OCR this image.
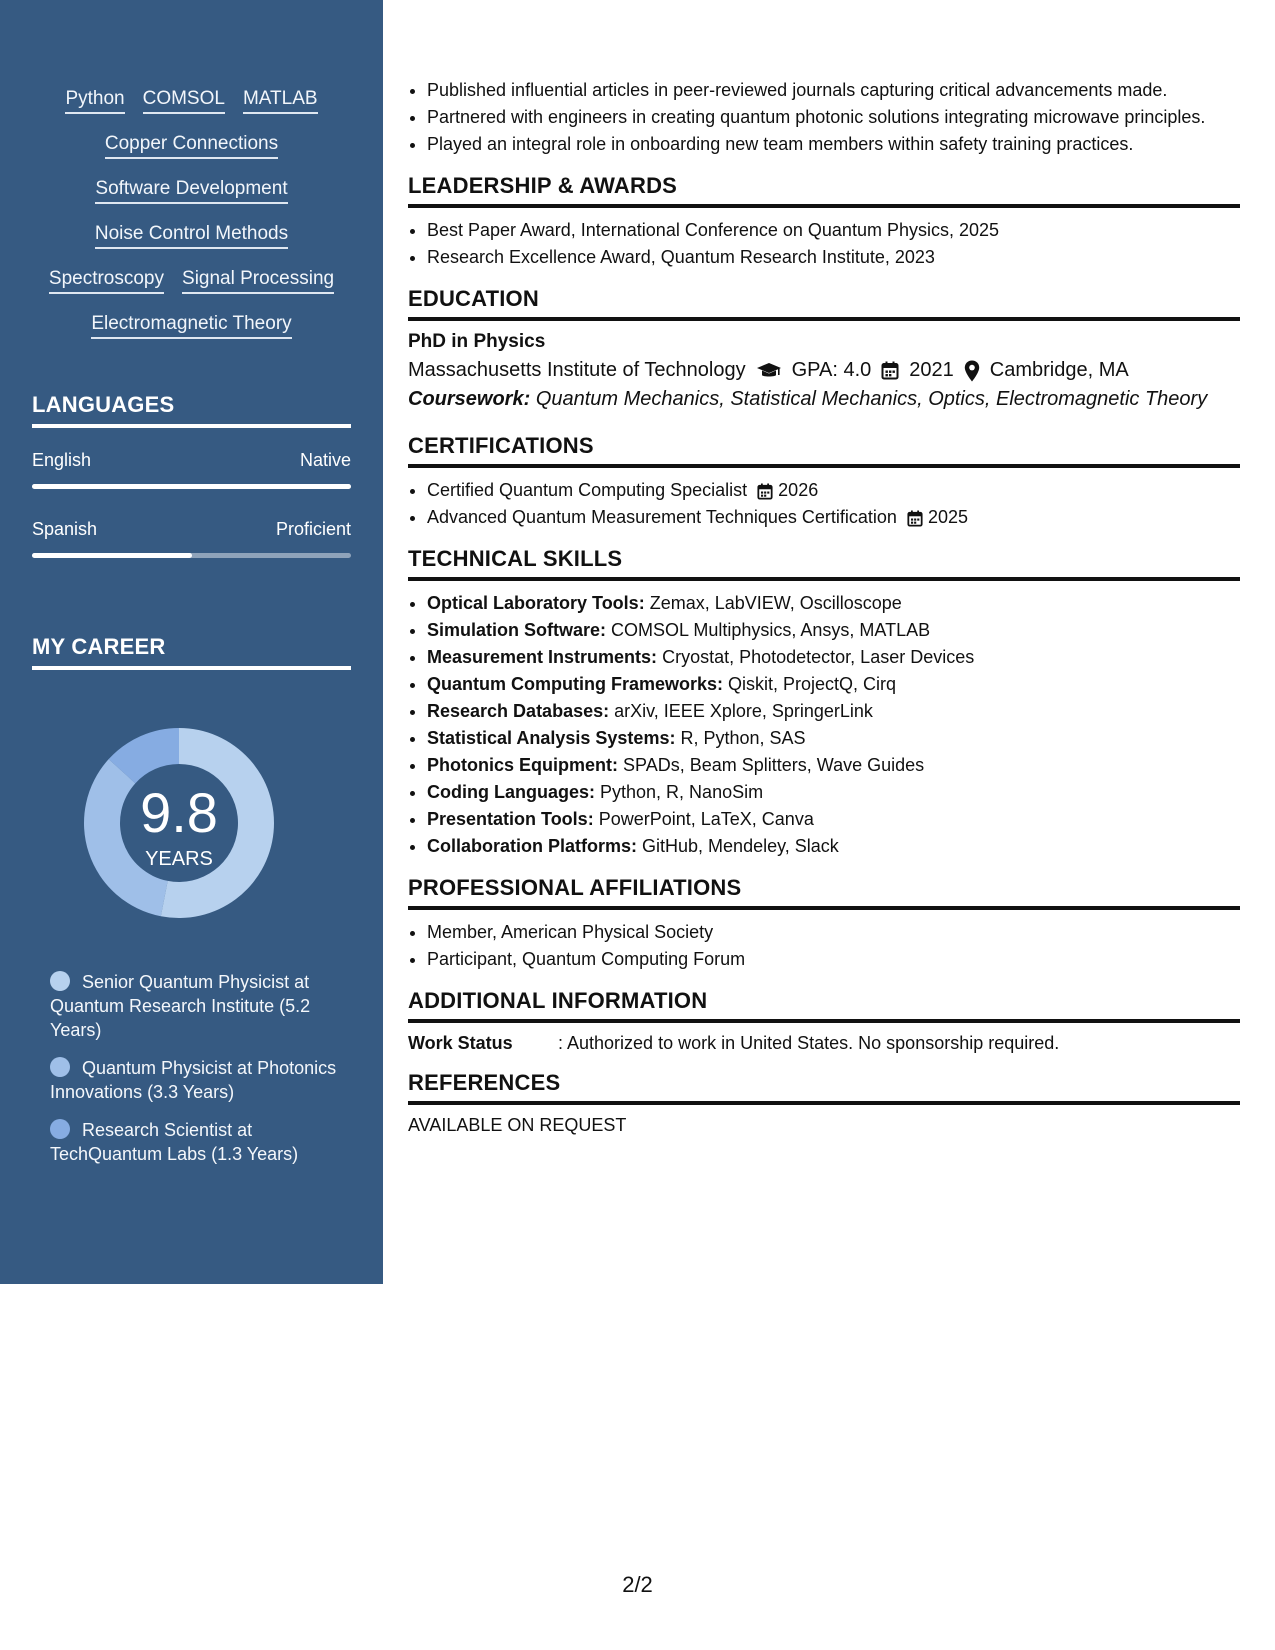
Python COMSOL MATLAB
Copper Connections
Software Development
Noise Control Methods
Spectroscopy Signal Processing
Electromagnetic Theory
LANGUAGES
English	Native
Spanish	Proficient
MY CAREER
9.8
YEARS
Senior Quantum Physicist at Quantum Research Institute (5.2 Years)
Quantum Physicist at Photonics Innovations (3.3 Years)
Research Scientist at TechQuantum Labs (1.3 Years)
• Published influential articles in peer-reviewed journals capturing critical advancements made.
• Partnered with engineers in creating quantum photonic solutions integrating microwave principles.
• Played an integral role in onboarding new team members within safety training practices.
LEADERSHIP & AWARDS
• Best Paper Award, International Conference on Quantum Physics, 2025
• Research Excellence Award, Quantum Research Institute, 2023
EDUCATION
PhD in Physics
Massachusetts Institute of Technology GPA: 4.0 2021 Cambridge, MA
Coursework: Quantum Mechanics, Statistical Mechanics, Optics, Electromagnetic Theory
CERTIFICATIONS
• Certified Quantum Computing Specialist 2026
• Advanced Quantum Measurement Techniques Certification 2025
TECHNICAL SKILLS
• Optical Laboratory Tools: Zemax, LabVIEW, Oscilloscope
• Simulation Software: COMSOL Multiphysics, Ansys, MATLAB
• Measurement Instruments: Cryostat, Photodetector, Laser Devices
• Quantum Computing Frameworks: Qiskit, ProjectQ, Cirq
• Research Databases: arXiv, IEEE Xplore, SpringerLink
• Statistical Analysis Systems: R, Python, SAS
• Photonics Equipment: SPADs, Beam Splitters, Wave Guides
• Coding Languages: Python, R, NanoSim
• Presentation Tools: PowerPoint, LaTeX, Canva
• Collaboration Platforms: GitHub, Mendeley, Slack
PROFESSIONAL AFFILIATIONS
• Member, American Physical Society
• Participant, Quantum Computing Forum
ADDITIONAL INFORMATION
Work Status	: Authorized to work in United States. No sponsorship required.
REFERENCES
AVAILABLE ON REQUEST
2/2
